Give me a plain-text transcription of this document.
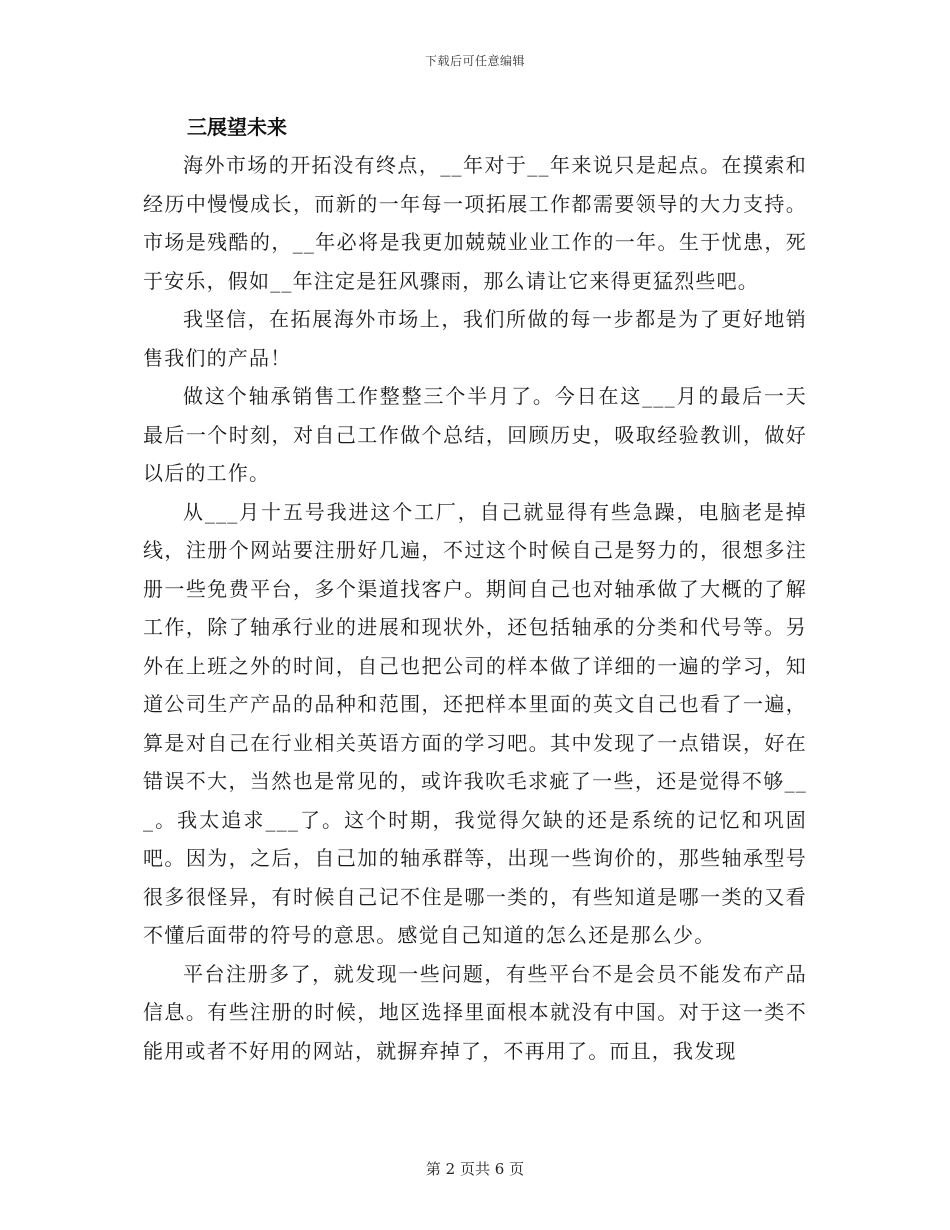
下载后可任意编辑
三展望未来

海外市场的开拓没有终点，__年对于__年来说只是起点。在摸索和经历中慢慢成长，而新的一年每一项拓展工作都需要领导的大力支持。市场是残酷的，__年必将是我更加兢兢业业工作的一年。生于忧患，死于安乐，假如__年注定是狂风骤雨，那么请让它来得更猛烈些吧。

我坚信，在拓展海外市场上，我们所做的每一步都是为了更好地销售我们的产品！

做这个轴承销售工作整整三个半月了。今日在这___月的最后一天最后一个时刻，对自己工作做个总结，回顾历史，吸取经验教训，做好以后的工作。

从___月十五号我进这个工厂，自己就显得有些急躁，电脑老是掉线，注册个网站要注册好几遍，不过这个时候自己是努力的，很想多注册一些免费平台，多个渠道找客户。期间自己也对轴承做了大概的了解工作，除了轴承行业的进展和现状外，还包括轴承的分类和代号等。另外在上班之外的时间，自己也把公司的样本做了详细的一遍的学习，知道公司生产产品的品种和范围，还把样本里面的英文自己也看了一遍，算是对自己在行业相关英语方面的学习吧。其中发现了一点错误，好在错误不大，当然也是常见的，或许我吹毛求疵了一些，还是觉得不够___。我太追求___了。这个时期，我觉得欠缺的还是系统的记忆和巩固吧。因为，之后，自己加的轴承群等，出现一些询价的，那些轴承型号很多很怪异，有时候自己记不住是哪一类的，有些知道是哪一类的又看不懂后面带的符号的意思。感觉自己知道的怎么还是那么少。

平台注册多了，就发现一些问题，有些平台不是会员不能发布产品信息。有些注册的时候，地区选择里面根本就没有中国。对于这一类不能用或者不好用的网站，就摒弃掉了，不再用了。而且，我发现

第 2 页共 6 页
